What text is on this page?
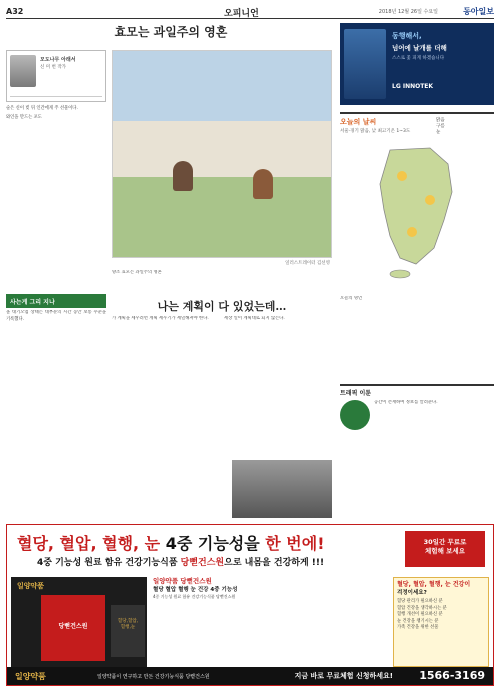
A32	오피니언	2018년 12월 26일 수요일	동아일보
효모는 과일주의 영혼
모도나무 아래서
신 미 번 작가

술은 신이 빚 뒤 인간에게 주 선물이다.

와인을 만드는 포도

일러스트레이터 김선영

양조 효모는 과일주의 영혼

동행해서,
넘어에 날개를 더해
스스로 꽃 피게 하겠습니다
LG INNOTEK
오늘의 날씨
서울·경기 맑음, 낮 최고기온 1~3도
맑음
구름
눈
사는게 그리 지나

올 대기오염 상태는 대부분의 시간 동안 보통 수준을 기록했다.

나는 계획이 다 있었는데…

가 계획을 세우려면 계획 세우기가 세밀해져야 한다.	세상 일이 계획대로 되지 않는다.

오늘의 명언

트래픽 이툰

공간이 존재하여 정보를 알려준다.

혈당, 혈압, 혈행, 눈 4중 기능성을 한 번에!
4중 기능성 원료 함유 건강기능식품 당뻗건스원으로 내몸을 건강하게 !!!
30일간 무료로
체험해 보세요
일양약품
당뻗건스원
혈당,혈압,
혈행,눈
일양약품 당뻗건스원
혈당 혈압 혈행 눈 건강 4중 기능성

4중 기능성 원료 함유 건강기능식품 당뻗건스원

혈당, 혈압, 혈행, 눈 건강이
걱정이세요?
혈당 관리가 필요하신 분
혈압 건강을 생각하시는 분
혈행 개선이 필요하신 분
눈 건강을 챙기시는 분
가족 건강을 위한 선물
일양약품	일양약품이 연구하고 만든 건강기능식품 당뻗건스원	지금 바로 무료체험 신청하세요! 1566-3169
